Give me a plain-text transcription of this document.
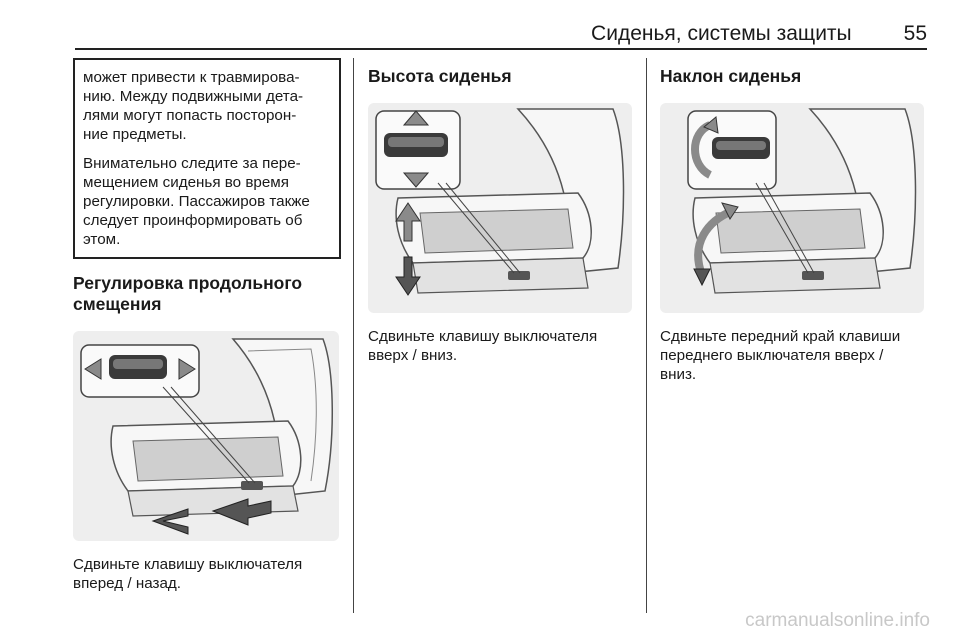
Сиденья, системы защиты 55

может привести к травмирова-
нию. Между подвижными дета-
лями могут попасть посторон-
ние предметы.

Внимательно следите за пере-
мещением сиденья во время
регулировки. Пассажиров также
следует проинформировать об
этом.

Регулировка продольного
смещения

Сдвиньте клавишу выключателя
вперед / назад.

Высота сиденья

Сдвиньте клавишу выключателя
вверх / вниз.

Наклон сиденья

Сдвиньте передний край клавиши
переднего выключателя вверх /
вниз.

carmanualsonline.info
